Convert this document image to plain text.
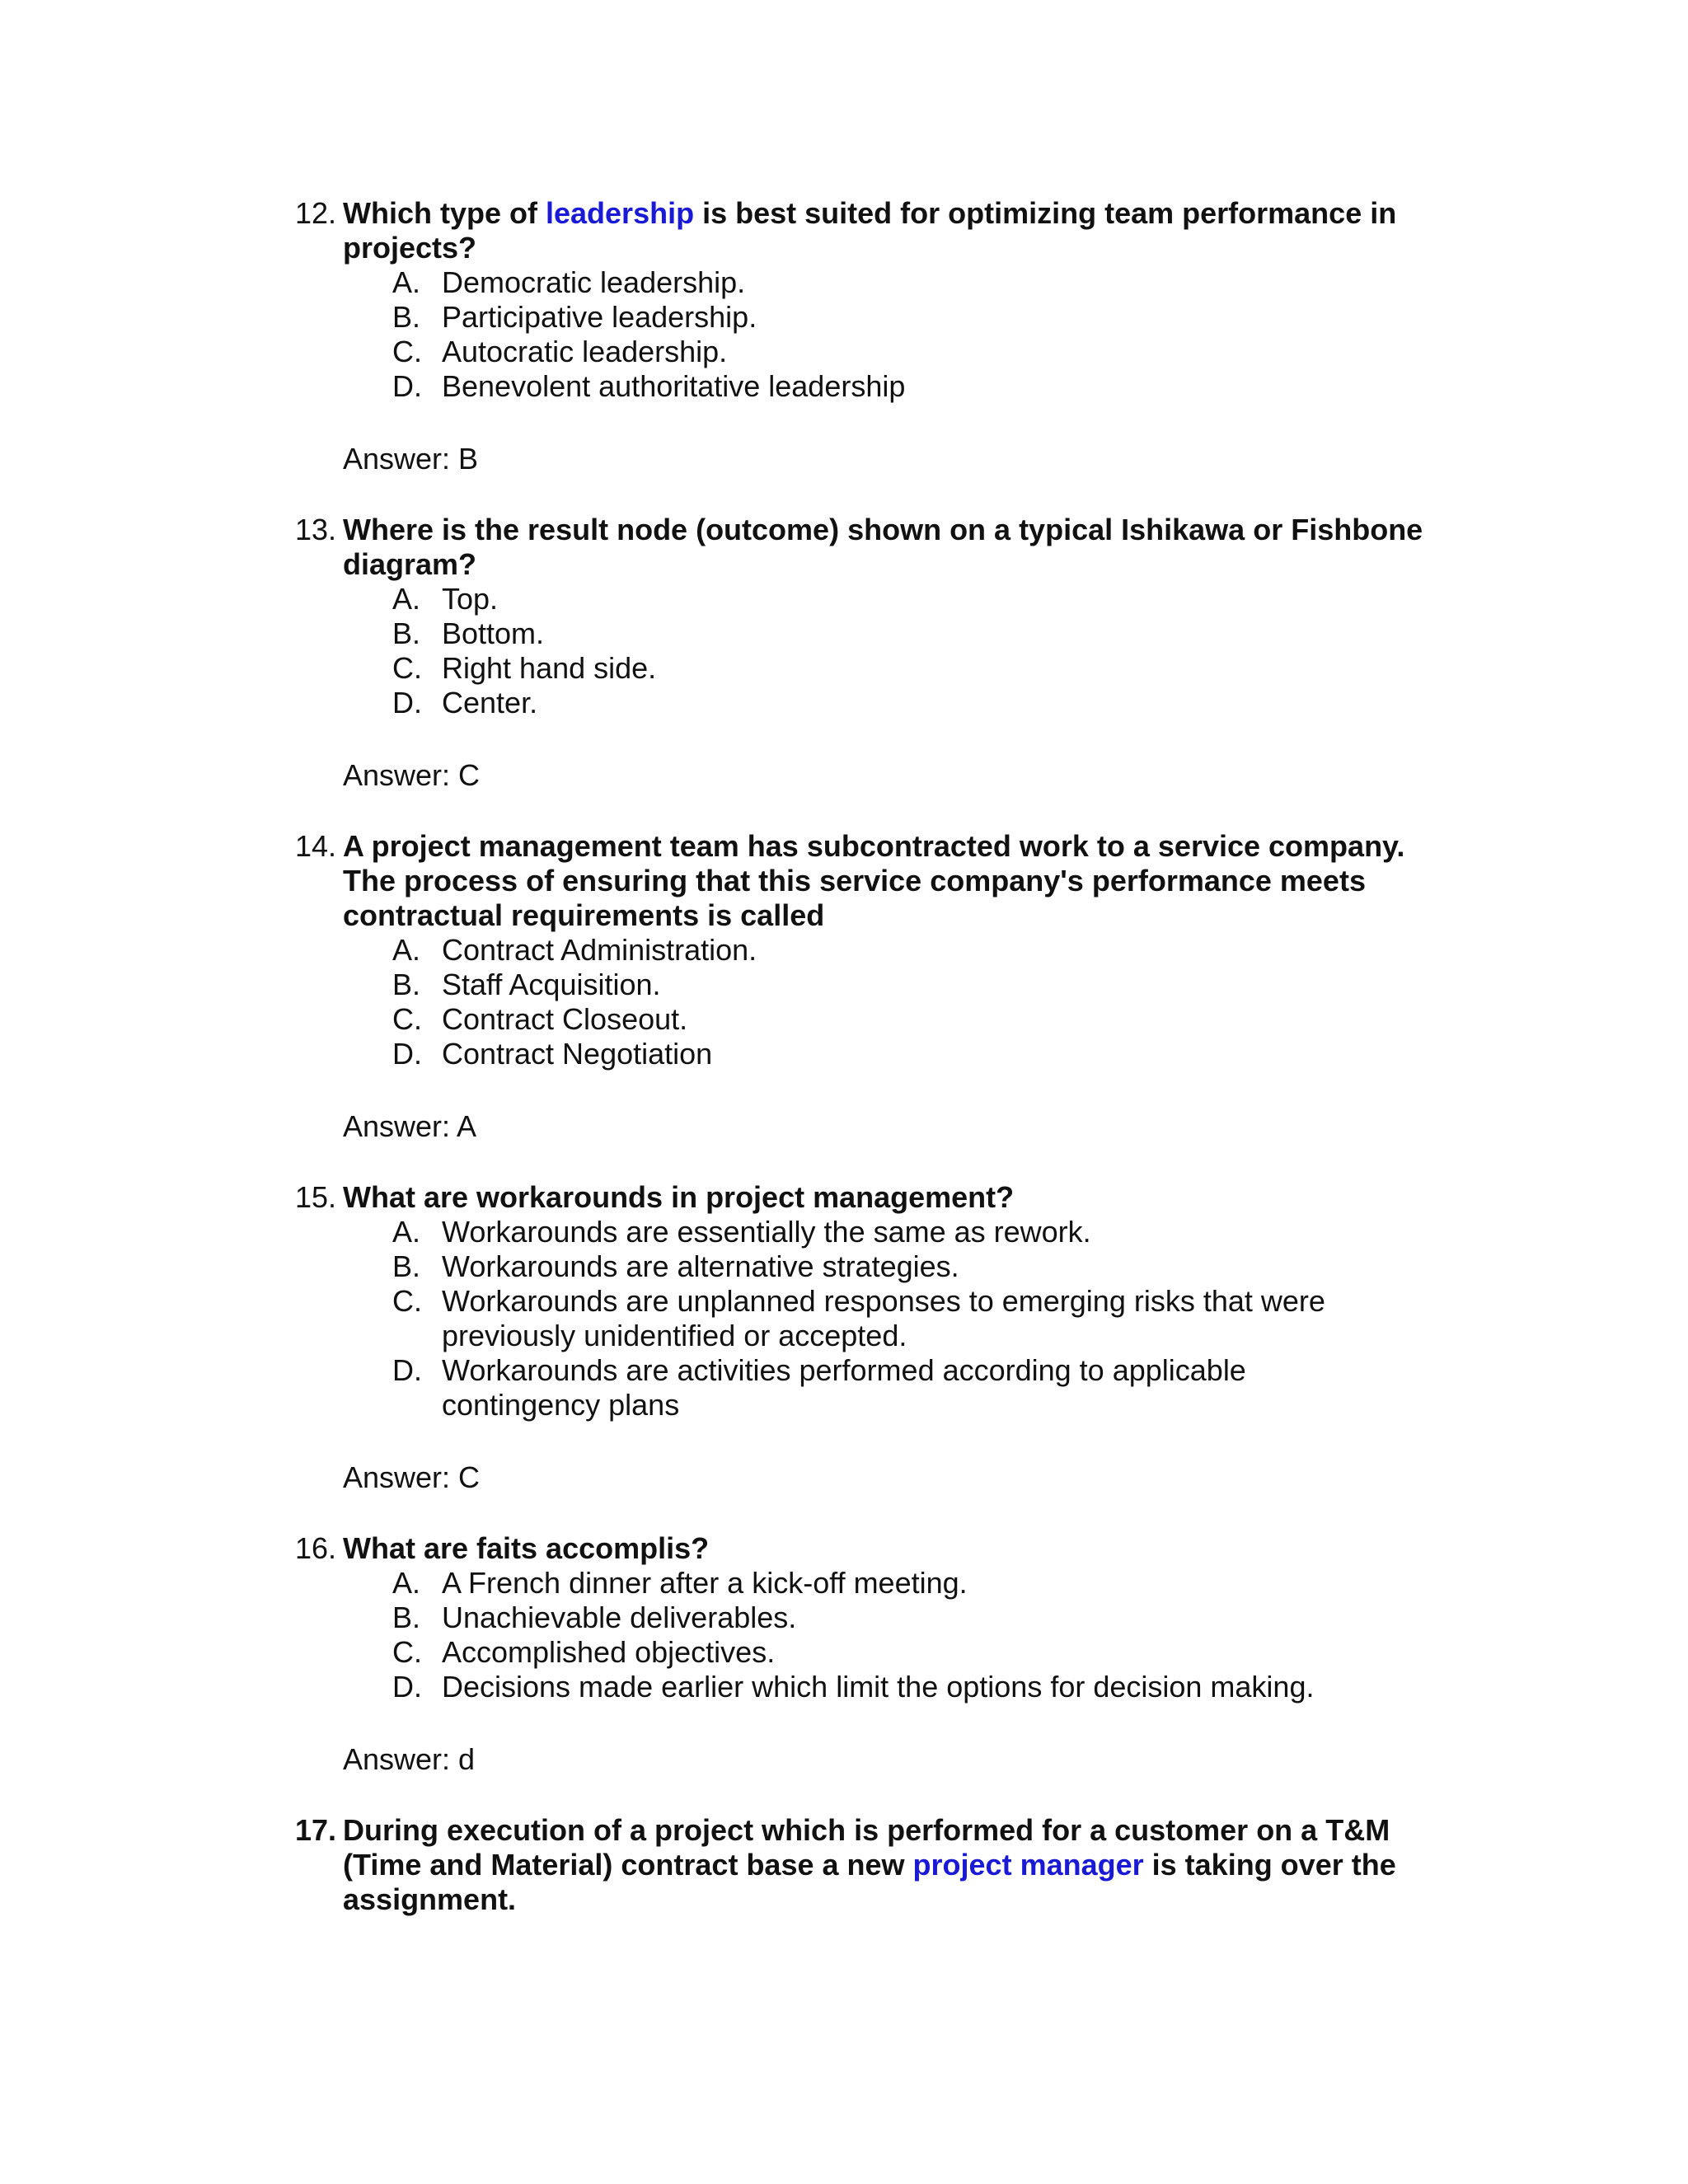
12. Which type of leadership is best suited for optimizing team performance in projects?
A. Democratic leadership.
B. Participative leadership.
C. Autocratic leadership.
D. Benevolent authoritative leadership
Answer: B
13. Where is the result node (outcome) shown on a typical Ishikawa or Fishbone diagram?
A. Top.
B. Bottom.
C. Right hand side.
D. Center.
Answer: C
14. A project management team has subcontracted work to a service company. The process of ensuring that this service company's performance meets contractual requirements is called
A. Contract Administration.
B. Staff Acquisition.
C. Contract Closeout.
D. Contract Negotiation
Answer: A
15. What are workarounds in project management?
A. Workarounds are essentially the same as rework.
B. Workarounds are alternative strategies.
C. Workarounds are unplanned responses to emerging risks that were previously unidentified or accepted.
D. Workarounds are activities performed according to applicable contingency plans
Answer: C
16. What are faits accomplis?
A. A French dinner after a kick-off meeting.
B. Unachievable deliverables.
C. Accomplished objectives.
D. Decisions made earlier which limit the options for decision making.
Answer: d
17. During execution of a project which is performed for a customer on a T&M (Time and Material) contract base a new project manager is taking over the assignment.
